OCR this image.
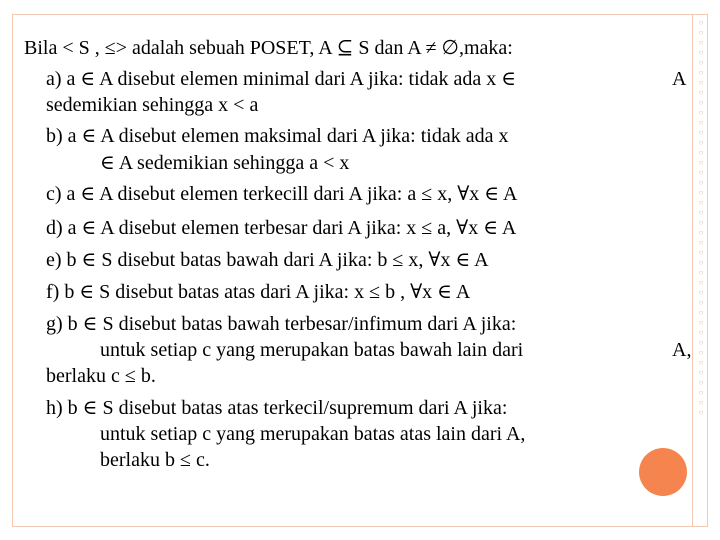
○
○
○
○
○
○
○
○
○
○
○
○
○
○
○
○
○
○
○
○
○
○
○
○
○
○
○
○
○
○
○
○
○
○
○
○
○
○
○
○
Bila < S , ≤> adalah sebuah POSET, A ⊆ S dan A ≠ ∅,maka:
a) a ∈ A disebut elemen minimal dari A jika: tidak ada x ∈
sedemikian sehingga x < a
b) a ∈ A disebut elemen maksimal dari A jika: tidak ada x
∈ A sedemikian sehingga a < x
c) a ∈ A disebut elemen terkecill dari A jika: a ≤ x, ∀x ∈ A
d) a ∈ A disebut elemen terbesar dari A jika: x ≤ a, ∀x ∈ A
e) b ∈ S disebut batas bawah dari A jika: b ≤ x, ∀x ∈ A
f) b ∈ S disebut batas atas dari A jika: x ≤ b , ∀x ∈ A
g) b ∈ S disebut batas bawah terbesar/infimum dari A jika:
untuk setiap c yang merupakan batas bawah lain dari
berlaku c ≤ b.
h) b ∈ S disebut batas atas terkecil/supremum dari A jika:
untuk setiap c yang merupakan batas atas lain dari A,
berlaku b ≤ c.
A
A,
